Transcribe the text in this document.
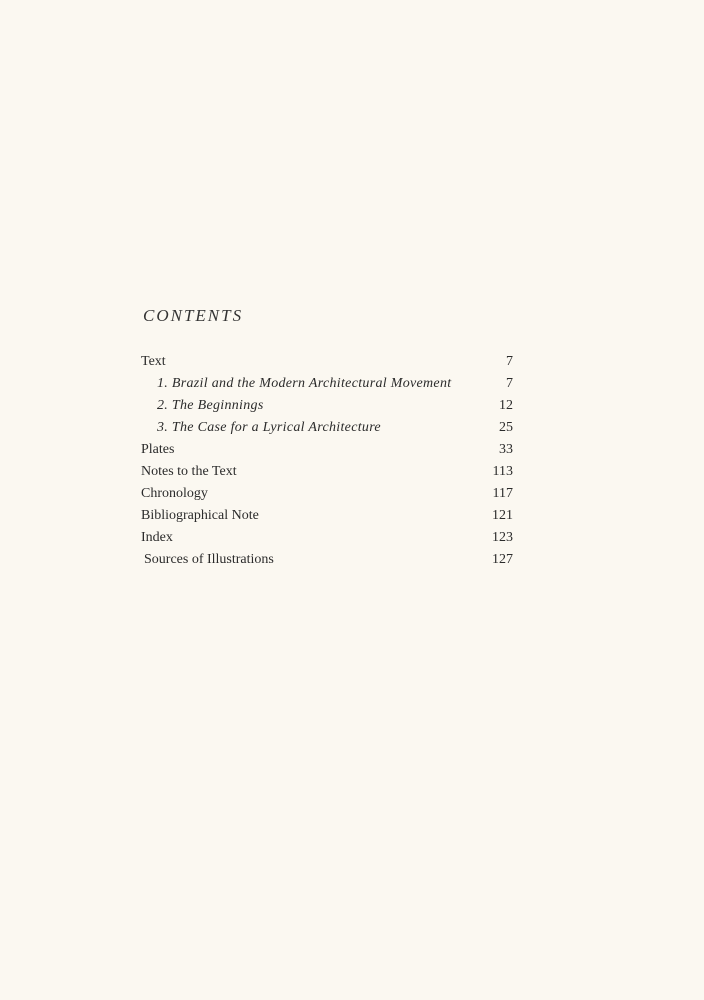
CONTENTS
Text	7
1. Brazil and the Modern Architectural Movement	7
2. The Beginnings	12
3. The Case for a Lyrical Architecture	25
Plates	33
Notes to the Text	113
Chronology	117
Bibliographical Note	121
Index	123
Sources of Illustrations	127
